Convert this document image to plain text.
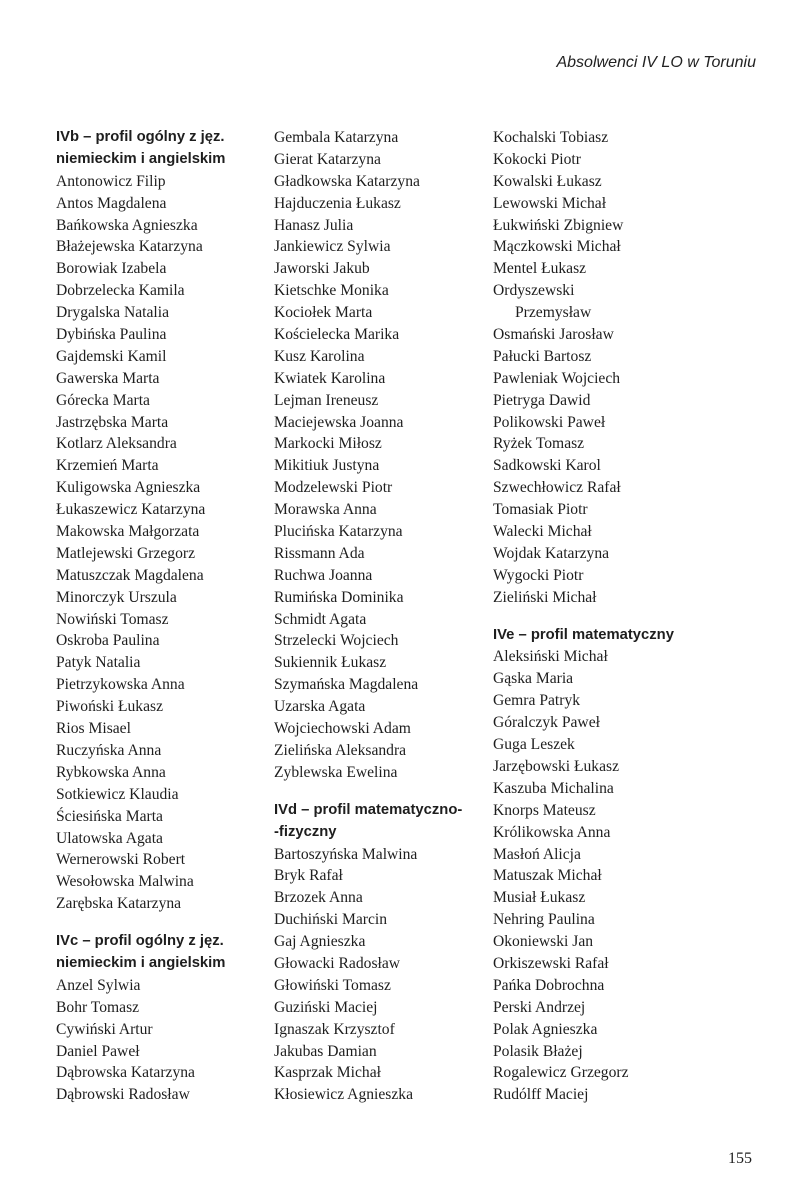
Absolwenci IV LO w Toruniu
IVb – profil ogólny z jęz.
niemieckim i angielskim
Antonowicz Filip
Antos Magdalena
Bańkowska Agnieszka
Błażejewska Katarzyna
Borowiak Izabela
Dobrzelecka Kamila
Drygalska Natalia
Dybińska Paulina
Gajdemski Kamil
Gawerska Marta
Górecka Marta
Jastrzębska Marta
Kotlarz Aleksandra
Krzemień Marta
Kuligowska Agnieszka
Łukaszewicz Katarzyna
Makowska Małgorzata
Matlejewski Grzegorz
Matuszczak Magdalena
Minorczyk Urszula
Nowiński Tomasz
Oskroba Paulina
Patyk Natalia
Pietrzykowska Anna
Piwoński Łukasz
Rios Misael
Ruczyńska Anna
Rybkowska Anna
Sotkiewicz Klaudia
Ściesińska Marta
Ulatowska Agata
Wernerowski Robert
Wesołowska Malwina
Zarębska Katarzyna
IVc – profil ogólny z jęz.
niemieckim i angielskim
Anzel Sylwia
Bohr Tomasz
Cywiński Artur
Daniel Paweł
Dąbrowska Katarzyna
Dąbrowski Radosław
Gembala Katarzyna
Gierat Katarzyna
Gładkowska Katarzyna
Hajduczenia Łukasz
Hanasz Julia
Jankiewicz Sylwia
Jaworski Jakub
Kietschke Monika
Kociołek Marta
Kościelecka Marika
Kusz Karolina
Kwiatek Karolina
Lejman Ireneusz
Maciejewska Joanna
Markocki Miłosz
Mikitiuk Justyna
Modzelewski Piotr
Morawska Anna
Plucińska Katarzyna
Rissmann Ada
Ruchwa Joanna
Rumińska Dominika
Schmidt Agata
Strzelecki Wojciech
Sukiennik Łukasz
Szymańska Magdalena
Uzarska Agata
Wojciechowski Adam
Zielińska Aleksandra
Zyblewska Ewelina
IVd – profil matematyczno-
-fizyczny
Bartoszyńska Malwina
Bryk Rafał
Brzozek Anna
Duchiński Marcin
Gaj Agnieszka
Głowacki Radosław
Głowiński Tomasz
Guziński Maciej
Ignaszak Krzysztof
Jakubas Damian
Kasprzak Michał
Kłosiewicz Agnieszka
Kochalski Tobiasz
Kokocki Piotr
Kowalski Łukasz
Lewowski Michał
Łukwiński Zbigniew
Mączkowski Michał
Mentel Łukasz
Ordyszewski
Przemysław
Osmański Jarosław
Pałucki Bartosz
Pawleniak Wojciech
Pietryga Dawid
Polikowski Paweł
Ryżek Tomasz
Sadkowski Karol
Szwechłowicz Rafał
Tomasiak Piotr
Walecki Michał
Wojdak Katarzyna
Wygocki Piotr
Zieliński Michał
IVe – profil matematyczny
Aleksiński Michał
Gąska Maria
Gemra Patryk
Góralczyk Paweł
Guga Leszek
Jarzębowski Łukasz
Kaszuba Michalina
Knorps Mateusz
Królikowska Anna
Masłoń Alicja
Matuszak Michał
Musiał Łukasz
Nehring Paulina
Okoniewski Jan
Orkiszewski Rafał
Pańka Dobrochna
Perski Andrzej
Polak Agnieszka
Polasik Błażej
Rogalewicz Grzegorz
Rudólff Maciej
155
